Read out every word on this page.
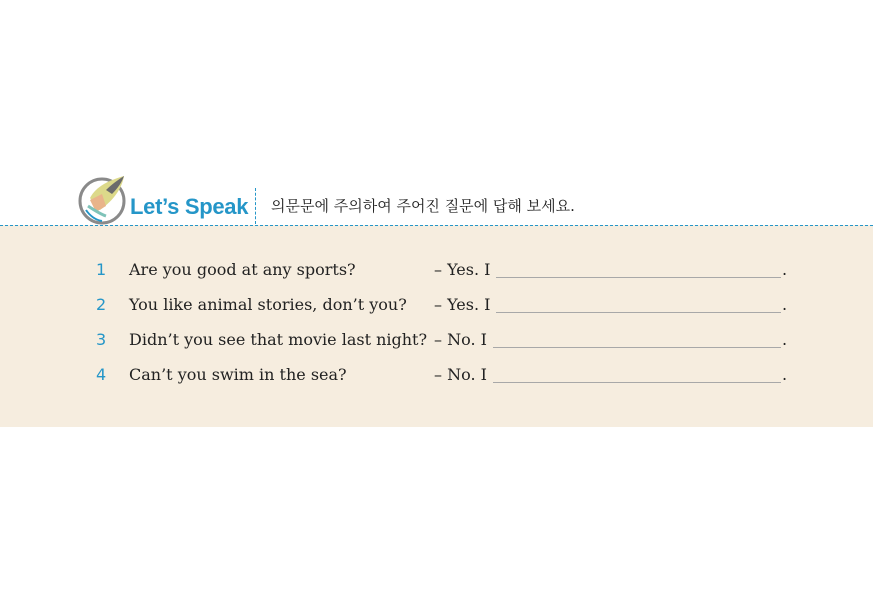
Let’s Speak 의문문에 주의하여 주어진 질문에 답해 보세요.
1 Are you good at any sports?	– Yes. I	.
2 You like animal stories, don’t you? – Yes. I	.
3 Didn’t you see that movie last night? – No. I	.
4 Can’t you swim in the sea?	– No. I	.
